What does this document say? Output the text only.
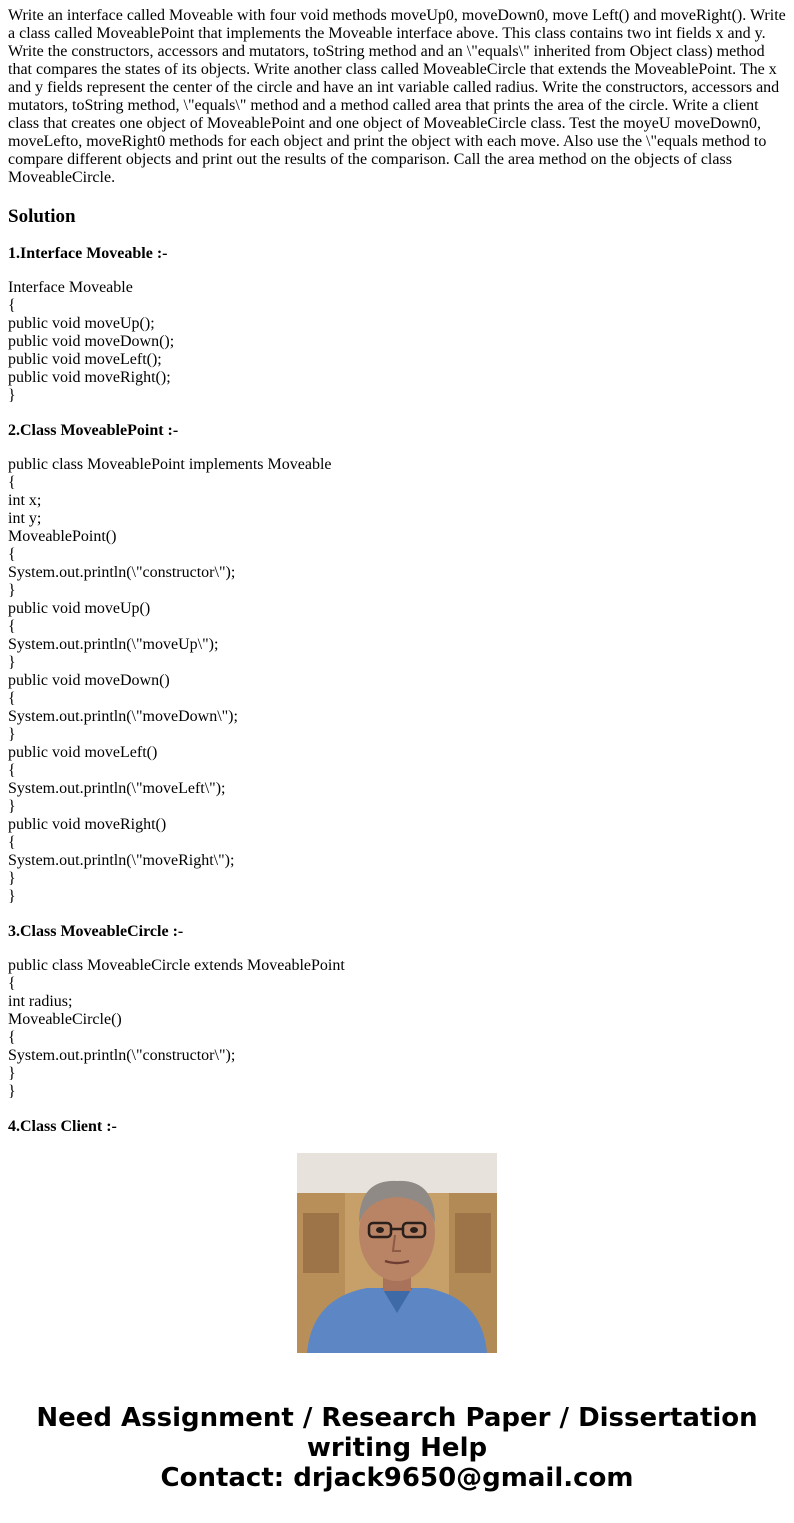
Write an interface called Moveable with four void methods moveUp0, moveDown0, move Left() and moveRight(). Write a class called MoveablePoint that implements the Moveable interface above. This class contains two int fields x and y. Write the constructors, accessors and mutators, toString method and an \"equals\" inherited from Object class) method that compares the states of its objects. Write another class called MoveableCircle that extends the MoveablePoint. The x and y fields represent the center of the circle and have an int variable called radius. Write the constructors, accessors and mutators, toString method, \"equals\" method and a method called area that prints the area of the circle. Write a client class that creates one object of MoveablePoint and one object of MoveableCircle class. Test the moyeU moveDown0, moveLefto, moveRight0 methods for each object and print the object with each move. Also use the \"equals method to compare different objects and print out the results of the comparison. Call the area method on the objects of class MoveableCircle.

Solution
1.Interface Moveable :-
Interface Moveable
{
public void moveUp();
public void moveDown();
public void moveLeft();
public void moveRight();
}
2.Class MoveablePoint :-
public class MoveablePoint implements Moveable
{
int x;
int y;
MoveablePoint()
{
System.out.println(\"constructor\");
}
public void moveUp()
{
System.out.println(\"moveUp\");
}
public void moveDown()
{
System.out.println(\"moveDown\");
}
public void moveLeft()
{
System.out.println(\"moveLeft\");
}
public void moveRight()
{
System.out.println(\"moveRight\");
}
}
3.Class MoveableCircle :-
public class MoveableCircle extends MoveablePoint
{
int radius;
MoveableCircle()
{
System.out.println(\"constructor\");
}
}
4.Class Client :-
Need Assignment / Research Paper / Dissertation
writing Help
Contact: drjack9650@gmail.com
